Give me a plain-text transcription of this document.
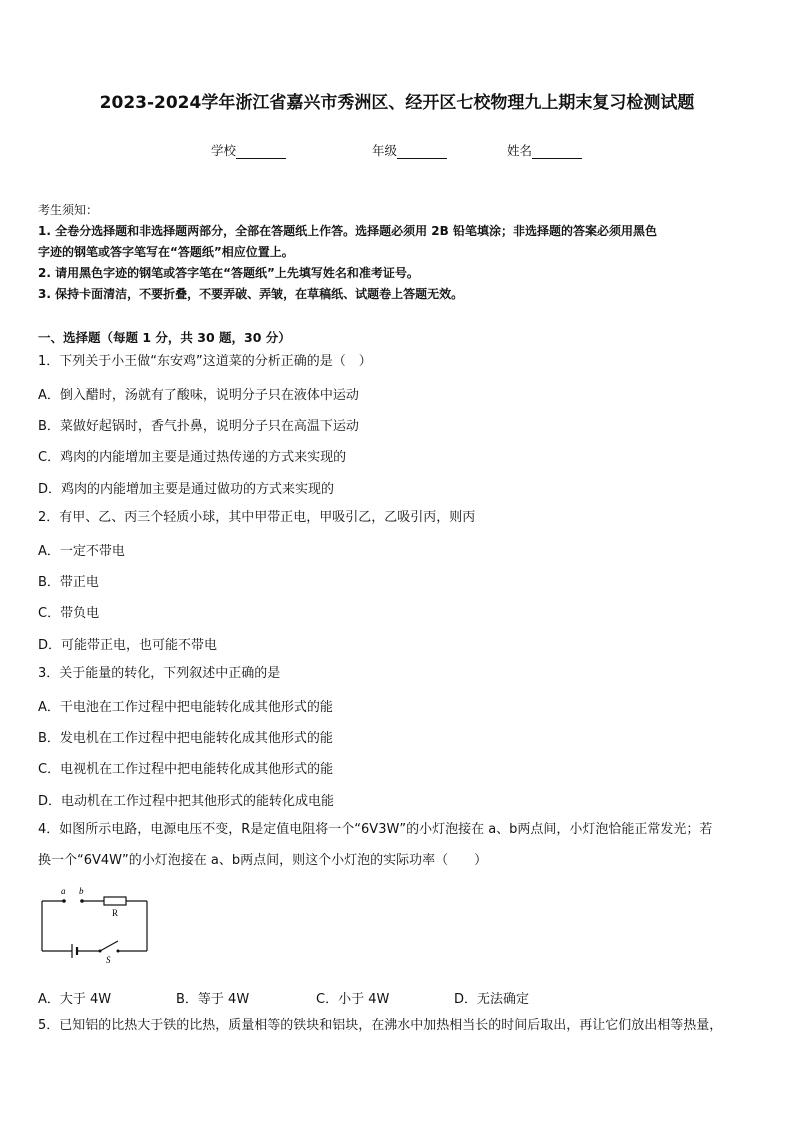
2023-2024学年浙江省嘉兴市秀洲区、经开区七校物理九上期末复习检测试题
学校	年级	姓名
考生须知：
1. 全卷分选择题和非选择题两部分，全部在答题纸上作答。选择题必须用 2B 铅笔填涂；非选择题的答案必须用黑色
字迹的钢笔或答字笔写在“答题纸”相应位置上。
2. 请用黑色字迹的钢笔或答字笔在“答题纸”上先填写姓名和准考证号。
3. 保持卡面清洁，不要折叠，不要弄破、弄皱，在草稿纸、试题卷上答题无效。
一、选择题（每题 1 分，共 30 题，30 分）
1．下列关于小王做“东安鸡”这道菜的分析正确的是（　）
A．倒入醋时，汤就有了酸味，说明分子只在液体中运动
B．菜做好起锅时，香气扑鼻，说明分子只在高温下运动
C．鸡肉的内能增加主要是通过热传递的方式来实现的
D．鸡肉的内能增加主要是通过做功的方式来实现的
2．有甲、乙、丙三个轻质小球，其中甲带正电，甲吸引乙，乙吸引丙，则丙
A．一定不带电
B．带正电
C．带负电
D．可能带正电，也可能不带电
3．关于能量的转化，下列叙述中正确的是
A．干电池在工作过程中把电能转化成其他形式的能
B．发电机在工作过程中把电能转化成其他形式的能
C．电视机在工作过程中把电能转化成其他形式的能
D．电动机在工作过程中把其他形式的能转化成电能
4．如图所示电路，电源电压不变，R是定值电阻将一个“6V3W”的小灯泡接在 a、b两点间，小灯泡恰能正常发光；若
换一个“6V4W”的小灯泡接在 a、b两点间，则这个小灯泡的实际功率（　　）
a b
R
S
A．大于 4W	B．等于 4W	C．小于 4W	D．无法确定
5．已知铝的比热大于铁的比热，质量相等的铁块和铝块，在沸水中加热相当长的时间后取出，再让它们放出相等热量，
